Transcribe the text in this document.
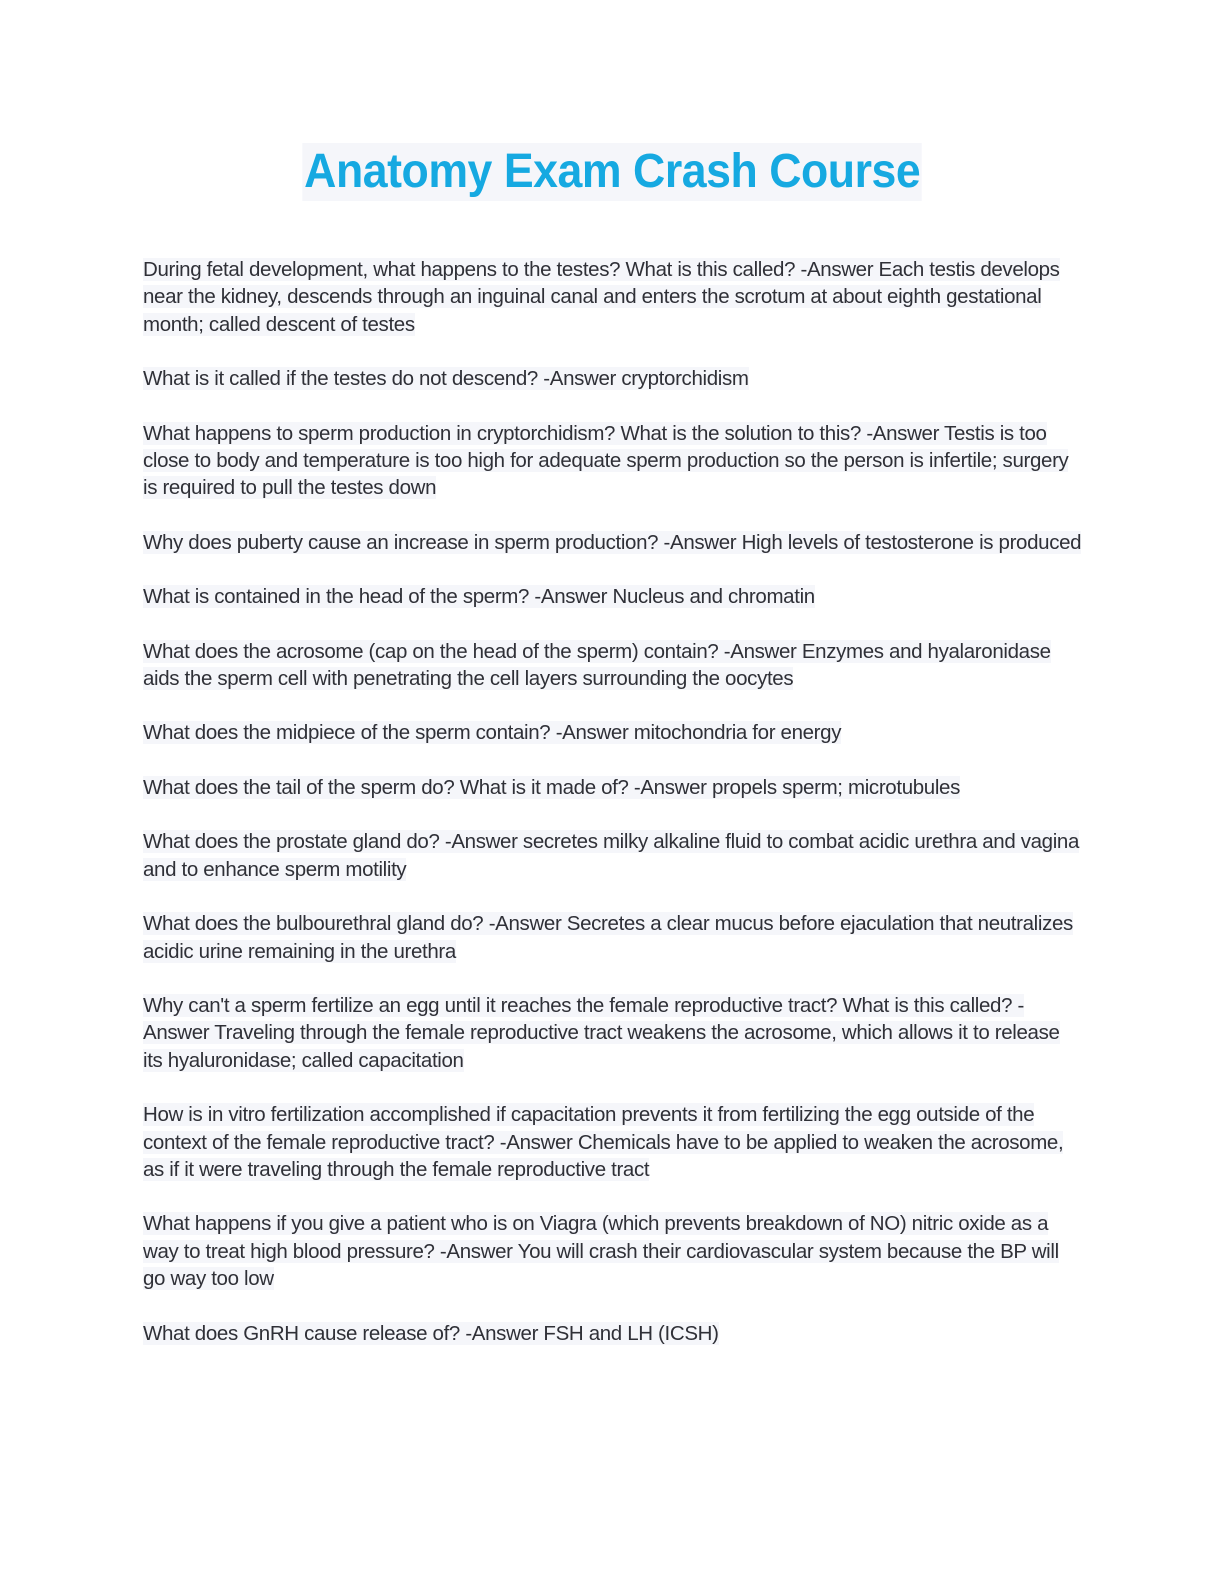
Anatomy Exam Crash Course

During fetal development, what happens to the testes? What is this called? -Answer Each testis develops near the kidney, descends through an inguinal canal and enters the scrotum at about eighth gestational month; called descent of testes

What is it called if the testes do not descend? -Answer cryptorchidism

What happens to sperm production in cryptorchidism? What is the solution to this? -Answer Testis is too close to body and temperature is too high for adequate sperm production so the person is infertile; surgery is required to pull the testes down

Why does puberty cause an increase in sperm production? -Answer High levels of testosterone is produced

What is contained in the head of the sperm? -Answer Nucleus and chromatin

What does the acrosome (cap on the head of the sperm) contain? -Answer Enzymes and hyalaronidase aids the sperm cell with penetrating the cell layers surrounding the oocytes

What does the midpiece of the sperm contain? -Answer mitochondria for energy

What does the tail of the sperm do? What is it made of? -Answer propels sperm; microtubules

What does the prostate gland do? -Answer secretes milky alkaline fluid to combat acidic urethra and vagina and to enhance sperm motility

What does the bulbourethral gland do? -Answer Secretes a clear mucus before ejaculation that neutralizes acidic urine remaining in the urethra

Why can't a sperm fertilize an egg until it reaches the female reproductive tract? What is this called? -Answer Traveling through the female reproductive tract weakens the acrosome, which allows it to release its hyaluronidase; called capacitation

How is in vitro fertilization accomplished if capacitation prevents it from fertilizing the egg outside of the context of the female reproductive tract? -Answer Chemicals have to be applied to weaken the acrosome, as if it were traveling through the female reproductive tract

What happens if you give a patient who is on Viagra (which prevents breakdown of NO) nitric oxide as a way to treat high blood pressure? -Answer You will crash their cardiovascular system because the BP will go way too low

What does GnRH cause release of? -Answer FSH and LH (ICSH)
